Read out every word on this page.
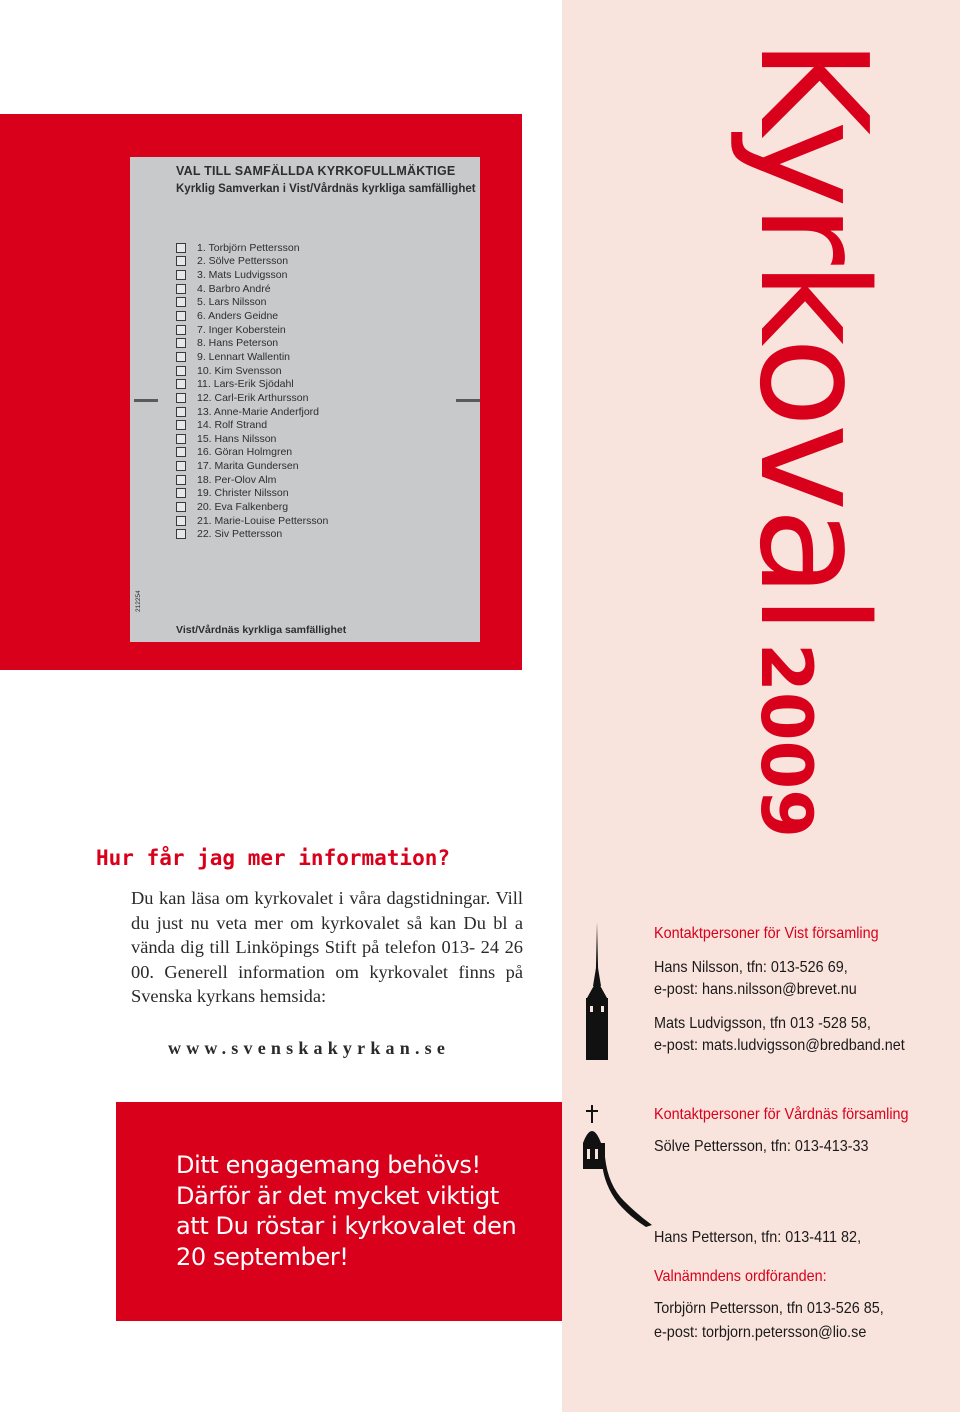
VAL TILL SAMFÄLLDA KYRKOFULLMÄKTIGE
Kyrklig Samverkan i Vist/Vårdnäs kyrkliga samfällighet
1. Torbjörn Pettersson
2. Sölve Pettersson
3. Mats Ludvigsson
4. Barbro André
5. Lars Nilsson
6. Anders Geidne
7. Inger Koberstein
8. Hans Peterson
9. Lennart Wallentin
10. Kim Svensson
11. Lars-Erik Sjödahl
12. Carl-Erik Arthursson
13. Anne-Marie Anderfjord
14. Rolf Strand
15. Hans Nilsson
16. Göran Holmgren
17. Marita Gundersen
18. Per-Olov Alm
19. Christer Nilsson
20. Eva Falkenberg
21. Marie-Louise Pettersson
22. Siv Pettersson
212254
Vist/Vårdnäs kyrkliga samfällighet	Kyrkoval2009
Hur får jag mer information?

Du kan läsa om kyrkovalet i våra dagstidningar. Vill du just nu veta mer om kyrkovalet så kan Du bl a vända dig till Linköpings Stift på telefon 013- 24 26 00. Generell information om kyrkovalet finns på Svenska kyrkans hemsida:

www.svenskakyrkan.se

Ditt engagemang behövs!
Därför är det mycket viktigt
att Du röstar i kyrkovalet den
20 september!

Kontaktpersoner för Vist församling
Hans Nilsson, tfn: 013-526 69,
e-post: hans.nilsson@brevet.nu
Mats Ludvigsson, tfn 013 -528 58,
e-post: mats.ludvigsson@bredband.net
Kontaktpersoner för Vårdnäs församling
Sölve Pettersson, tfn: 013-413-33
Hans Petterson, tfn: 013-411 82,
Valnämndens ordföranden:
Torbjörn Pettersson, tfn 013-526 85,
e-post: torbjorn.petersson@lio.se
